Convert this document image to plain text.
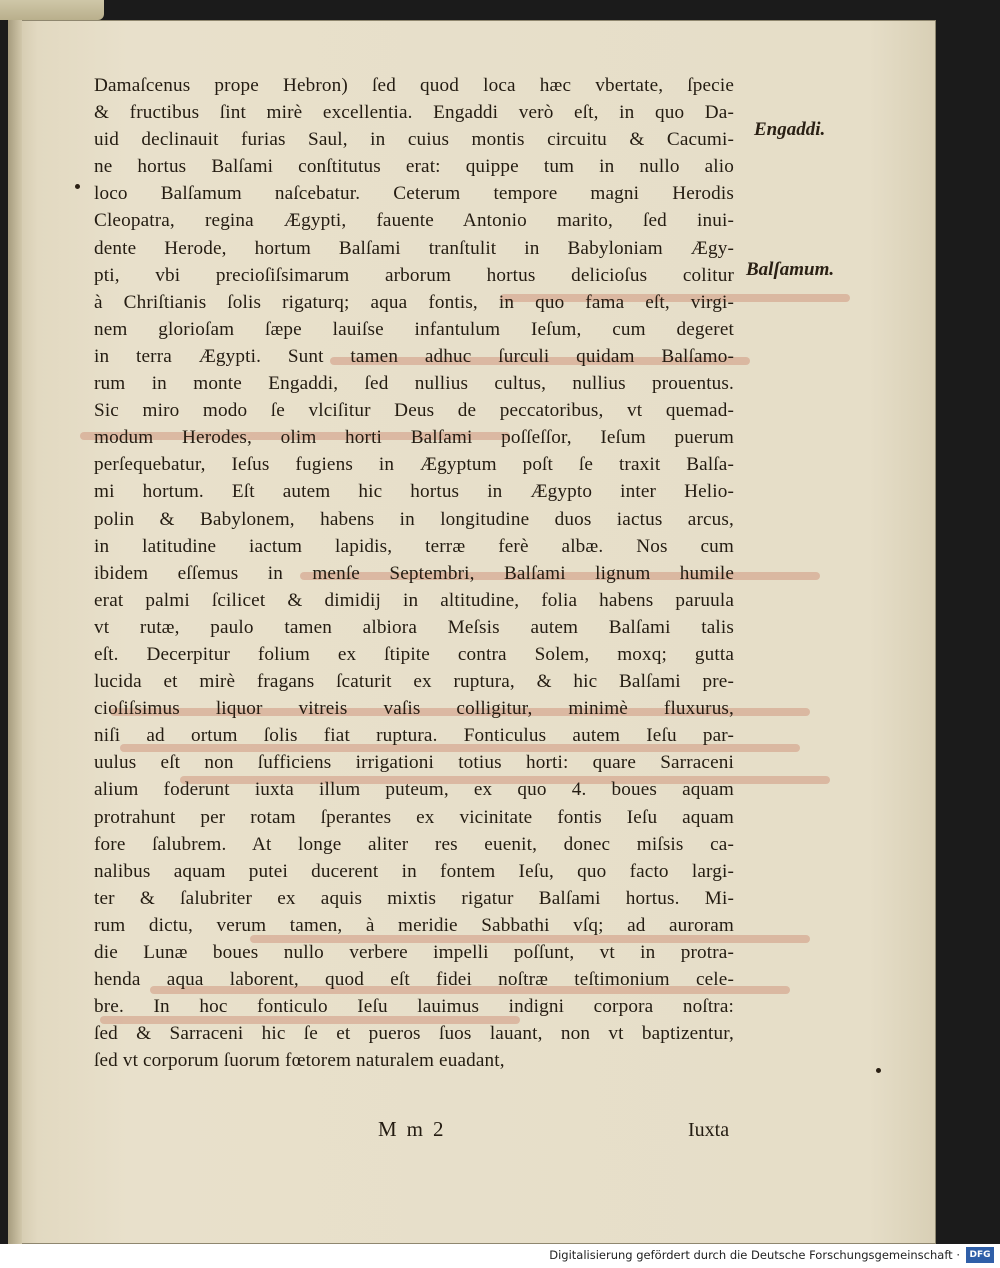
Damaſcenus prope Hebron) ſed quod loca hæc vbertate, ſpecie
& fructibus ſint mirè excellentia. Engaddi verò eſt, in quo Da-
uid declinauit furias Saul, in cuius montis circuitu & Cacumi-
ne hortus Balſami conſtitutus erat: quippe tum in nullo alio
loco Balſamum naſcebatur. Ceterum tempore magni Herodis
Cleopatra, regina Ægypti, fauente Antonio marito, ſed inui-
dente Herode, hortum Balſami tranſtulit in Babyloniam Ægy-
pti, vbi precioſiſsimarum arborum hortus delicioſus colitur
à Chriſtianis ſolis rigaturq; aqua fontis, in quo fama eſt, virgi-
nem glorioſam ſæpe lauiſse infantulum Ieſum, cum degeret
in terra Ægypti. Sunt tamen adhuc ſurculi quidam Balſamo-
rum in monte Engaddi, ſed nullius cultus, nullius prouentus.
Sic miro modo ſe vlciſitur Deus de peccatoribus, vt quemad-
modum Herodes, olim horti Balſami poſſeſſor, Ieſum puerum
perſequebatur, Ieſus fugiens in Ægyptum poſt ſe traxit Balſa-
mi hortum. Eſt autem hic hortus in Ægypto inter Helio-
polin & Babylonem, habens in longitudine duos iactus arcus,
in latitudine iactum lapidis, terræ ferè albæ. Nos cum
ibidem eſſemus in menſe Septembri, Balſami lignum humile
erat palmi ſcilicet & dimidij in altitudine, folia habens paruula
vt rutæ, paulo tamen albiora Meſsis autem Balſami talis
eſt. Decerpitur folium ex ſtipite contra Solem, moxq; gutta
lucida et mirè fragans ſcaturit ex ruptura, & hic Balſami pre-
cioſiſsimus liquor vitreis vaſis colligitur, minimè fluxurus,
niſi ad ortum ſolis fiat ruptura. Fonticulus autem Ieſu par-
uulus eſt non ſufficiens irrigationi totius horti: quare Sarraceni
alium foderunt iuxta illum puteum, ex quo 4. boues aquam
protrahunt per rotam ſperantes ex vicinitate fontis Ieſu aquam
fore ſalubrem. At longe aliter res euenit, donec miſsis ca-
nalibus aquam putei ducerent in fontem Ieſu, quo facto largi-
ter & ſalubriter ex aquis mixtis rigatur Balſami hortus. Mi-
rum dictu, verum tamen, à meridie Sabbathi vſq; ad auroram
die Lunæ boues nullo verbere impelli poſſunt, vt in protra-
henda aqua laborent, quod eſt fidei noſtræ teſtimonium cele-
bre. In hoc fonticulo Ieſu lauimus indigni corpora noſtra:
ſed & Sarraceni hic ſe et pueros ſuos lauant, non vt baptizentur,
ſed vt corporum ſuorum fœtorem naturalem euadant,
Engaddi.
Balſamum.
Mm2	Iuxta
Digitalisierung gefördert durch die Deutsche Forschungsgemeinschaft ·	DFG
